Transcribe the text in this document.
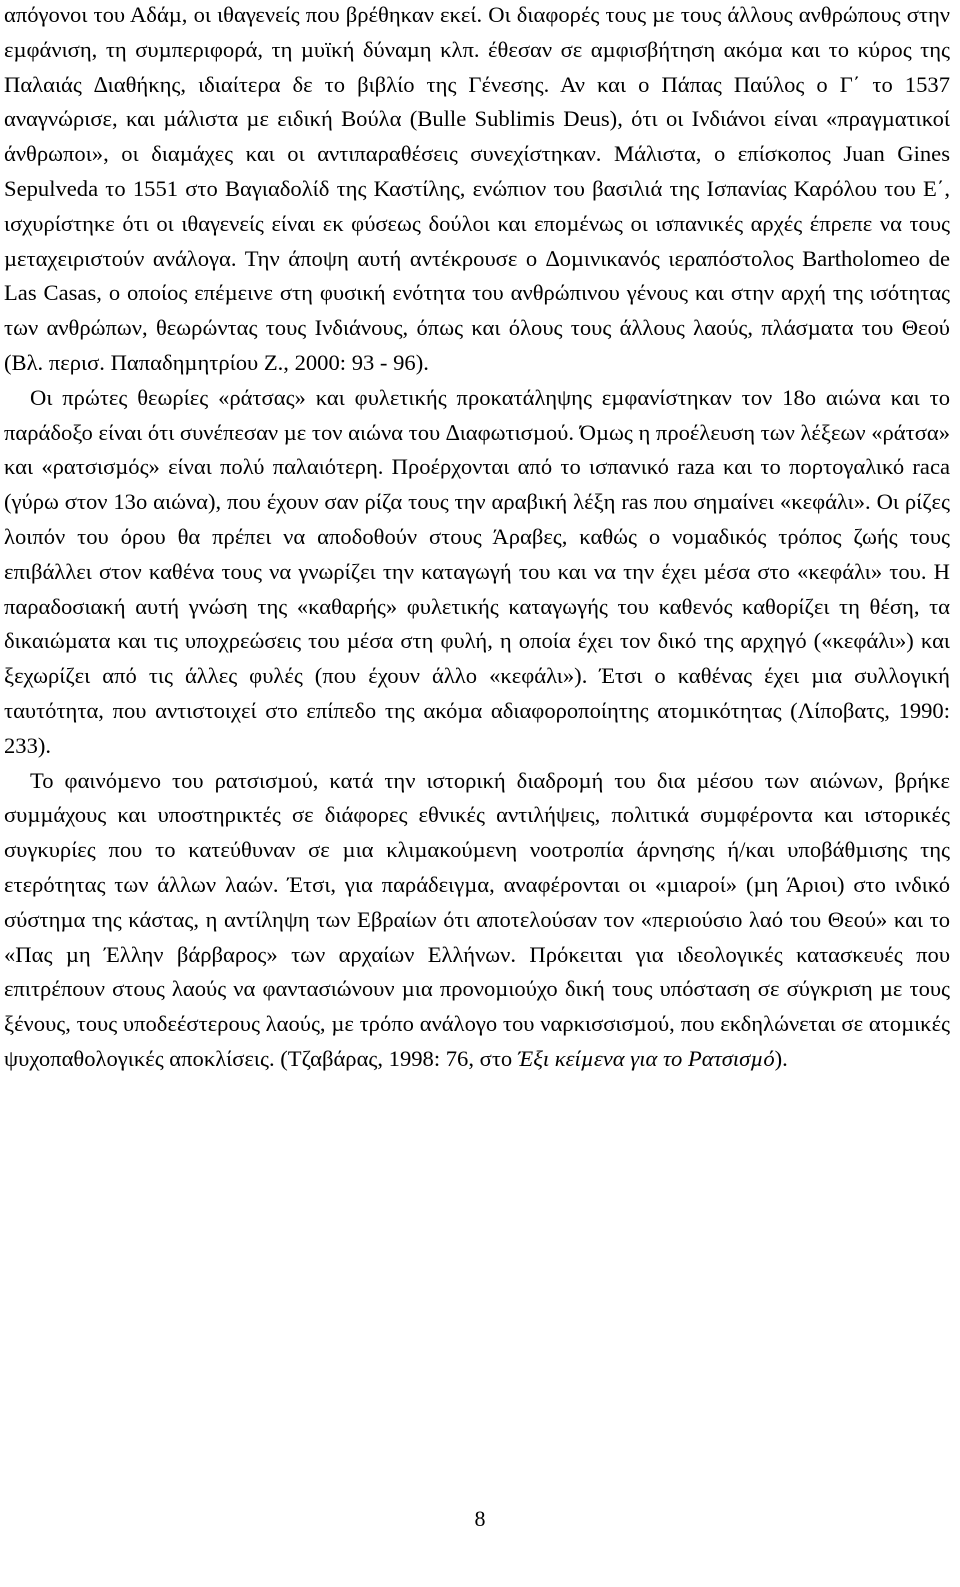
απόγονοι του Αδάµ, οι ιθαγενείς που βρέθηκαν εκεί. Οι διαφορές τους µε τους άλλους ανθρώπους στην εµφάνιση, τη συµπεριφορά, τη µυϊκή δύναµη κλπ. έθεσαν σε αµφισβήτηση ακόµα και το κύρος της Παλαιάς ∆ιαθήκης, ιδιαίτερα δε το βιβλίο της Γένεσης. Αν και ο Πάπας Παύλος ο Γ΄ το 1537 αναγνώρισε, και µάλιστα µε ειδική Βούλα (Bulle Sublimis Deus), ότι οι Ινδιάνοι είναι «πραγµατικοί άνθρωποι», οι διαµάχες και οι αντιπαραθέσεις συνεχίστηκαν. Μάλιστα, ο επίσκοπος Juan Gines Sepulveda το 1551 στο Βαγιαδολίδ της Καστίλης, ενώπιον του βασιλιά της Ισπανίας Καρόλου του Ε΄, ισχυρίστηκε ότι οι ιθαγενείς είναι εκ φύσεως δούλοι και εποµένως οι ισπανικές αρχές έπρεπε να τους µεταχειριστούν ανάλογα. Την άποψη αυτή αντέκρουσε ο ∆οµινικανός ιεραπόστολος Bartholomeo de Las Casas, ο οποίος επέµεινε στη φυσική ενότητα του ανθρώπινου γένους και στην αρχή της ισότητας των ανθρώπων, θεωρώντας τους Ινδιάνους, όπως και όλους τους άλλους λαούς, πλάσµατα του Θεού (Βλ. περισ. Παπαδηµητρίου Ζ., 2000: 93 - 96).

Οι πρώτες θεωρίες «ράτσας» και φυλετικής προκατάληψης εµφανίστηκαν τον 18ο αιώνα και το παράδοξο είναι ότι συνέπεσαν µε τον αιώνα του ∆ιαφωτισµού. Όµως η προέλευση των λέξεων «ράτσα» και «ρατσισµός» είναι πολύ παλαιότερη. Προέρχονται από το ισπανικό raza και το πορτογαλικό raca (γύρω στον 13ο αιώνα), που έχουν σαν ρίζα τους την αραβική λέξη ras που σηµαίνει «κεφάλι». Οι ρίζες λοιπόν του όρου θα πρέπει να αποδοθούν στους Άραβες, καθώς ο νοµαδικός τρόπος ζωής τους επιβάλλει στον καθένα τους να γνωρίζει την καταγωγή του και να την έχει µέσα στο «κεφάλι» του. Η παραδοσιακή αυτή γνώση της «καθαρής» φυλετικής καταγωγής του καθενός καθορίζει τη θέση, τα δικαιώµατα και τις υποχρεώσεις του µέσα στη φυλή, η οποία έχει τον δικό της αρχηγό («κεφάλι») και ξεχωρίζει από τις άλλες φυλές (που έχουν άλλο «κεφάλι»). Έτσι ο καθένας έχει µια συλλογική ταυτότητα, που αντιστοιχεί στο επίπεδο της ακόµα αδιαφοροποίητης ατοµικότητας (Λίποβατς, 1990: 233).

Το φαινόµενο του ρατσισµού, κατά την ιστορική διαδροµή του δια µέσου των αιώνων, βρήκε συµµάχους και υποστηρικτές σε διάφορες εθνικές αντιλήψεις, πολιτικά συµφέροντα και ιστορικές συγκυρίες που το κατεύθυναν σε µια κλιµακούµενη νοοτροπία άρνησης ή/και υποβάθµισης της ετερότητας των άλλων λαών. Έτσι, για παράδειγµα, αναφέρονται οι «µιαροί» (µη Άριοι) στο ινδικό σύστηµα της κάστας, η αντίληψη των Εβραίων ότι αποτελούσαν τον «περιούσιο λαό του Θεού» και το «Πας µη Έλλην βάρβαρος» των αρχαίων Ελλήνων. Πρόκειται για ιδεολογικές κατασκευές που επιτρέπουν στους λαούς να φαντασιώνουν µια προνοµιούχο δική τους υπόσταση σε σύγκριση µε τους ξένους, τους υποδεέστερους λαούς, µε τρόπο ανάλογο του ναρκισσισµού, που εκδηλώνεται σε ατοµικές ψυχοπαθολογικές αποκλίσεις. (Τζαβάρας, 1998: 76, στο Έξι κείµενα για το Ρατσισµό).

8
